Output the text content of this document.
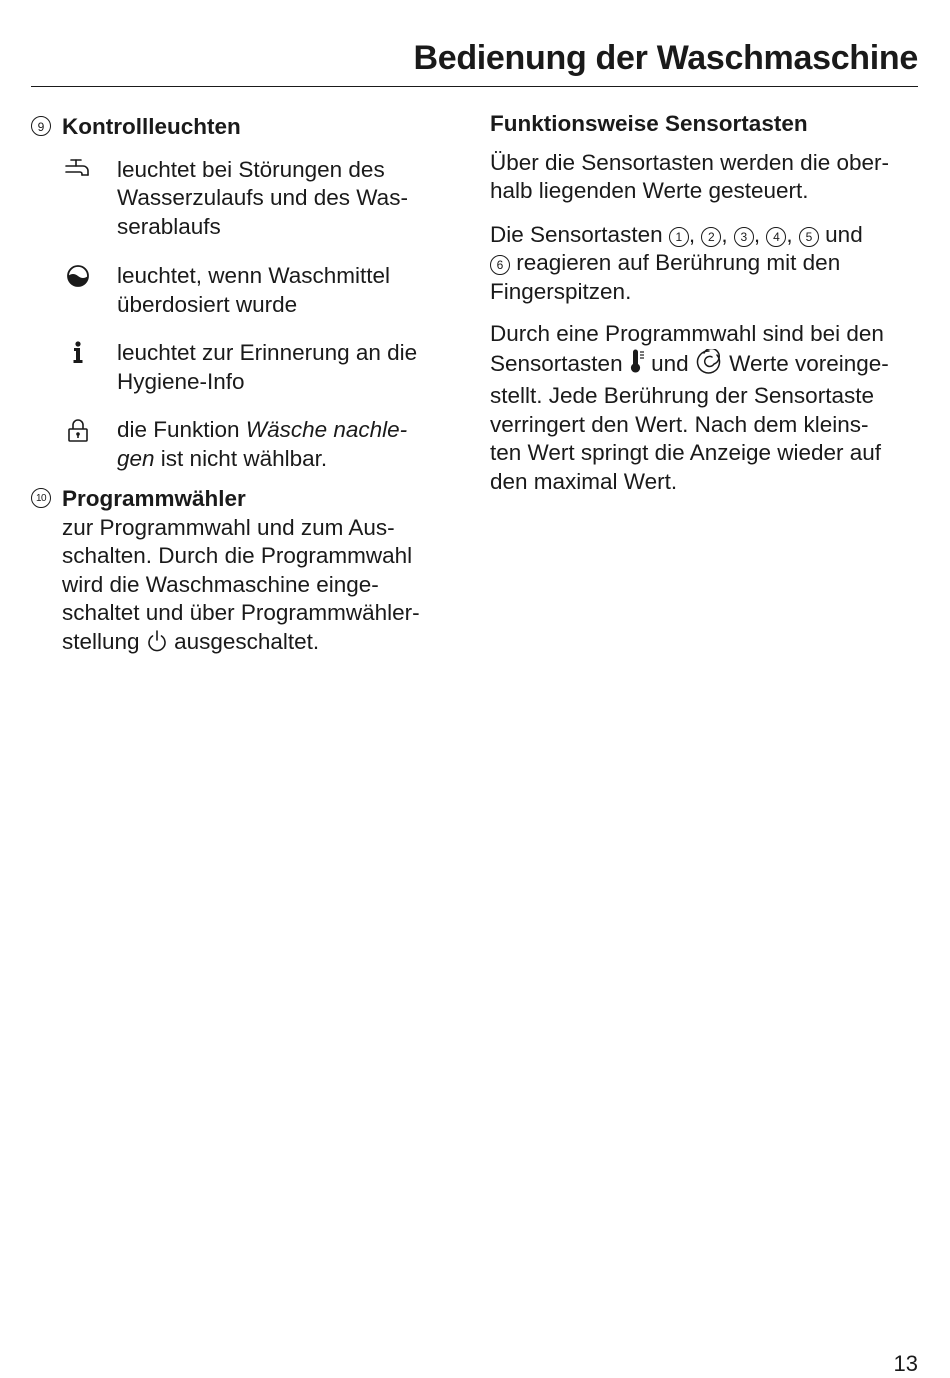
Bedienung der Waschmaschine
9 Kontrollleuchten
leuchtet bei Störungen des
Wasserzulaufs und des Was-
serablaufs
leuchtet, wenn Waschmittel
überdosiert wurde
leuchtet zur Erinnerung an die
Hygiene-Info
die Funktion Wäsche nachle-
gen ist nicht wählbar.
10 Programmwähler
zur Programmwahl und zum Aus-
schalten. Durch die Programmwahl
wird die Waschmaschine einge-
schaltet und über Programmwähler-
stellung  ausgeschaltet.
Funktionsweise Sensortasten
Über die Sensortasten werden die ober-
halb liegenden Werte gesteuert.
Die Sensortasten 1 , 2 , 3 , 4 , 5 und
6 reagieren auf Berührung mit den
Fingerspitzen.
Durch eine Programmwahl sind bei den
Sensortasten  und  Werte voreinge-
stellt. Jede Berührung der Sensortaste
verringert den Wert. Nach dem kleins-
ten Wert springt die Anzeige wieder auf
den maximal Wert.
13
